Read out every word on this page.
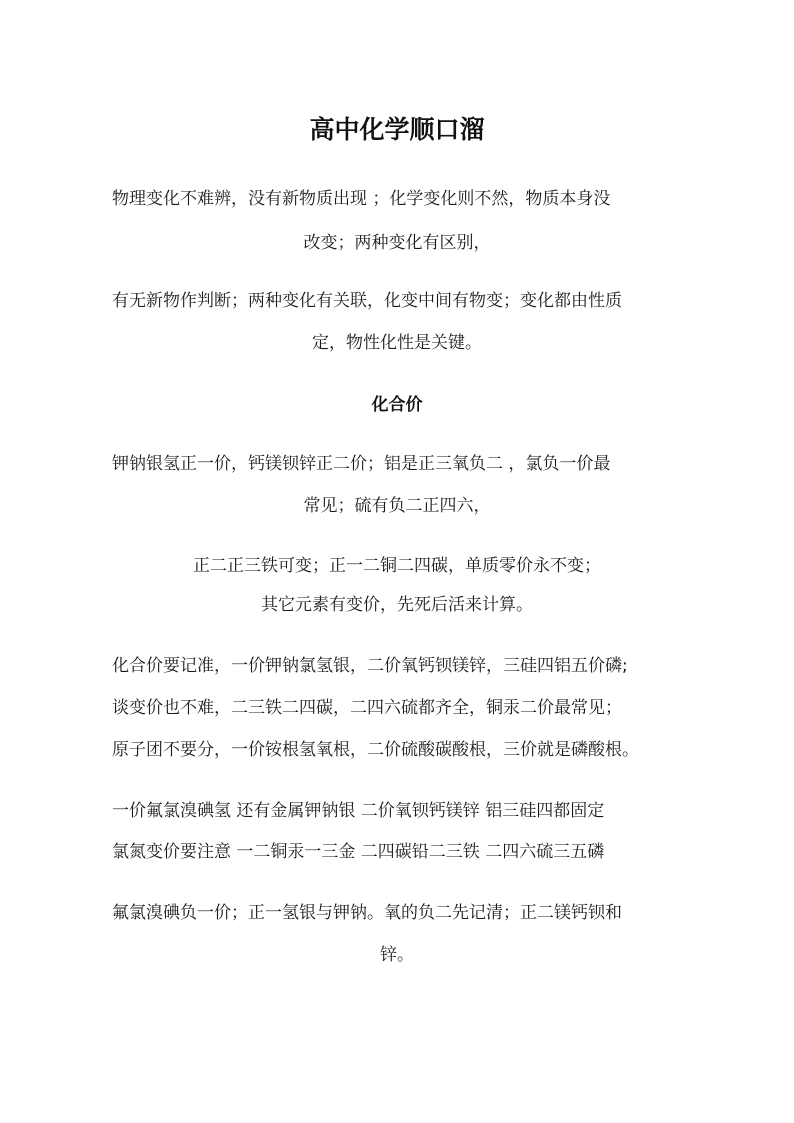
高中化学顺口溜
物理变化不难辨，没有新物质出现 ；化学变化则不然，物质本身没
改变；两种变化有区别，
有无新物作判断；两种变化有关联，化变中间有物变；变化都由性质
定，物性化性是关键。
化合价
钾钠银氢正一价，钙镁钡锌正二价；铝是正三氧负二 ，氯负一价最
常见；硫有负二正四六，
正二正三铁可变；正一二铜二四碳，单质零价永不变；
其它元素有变价，先死后活来计算。
化合价要记准，一价钾钠氯氢银，二价氧钙钡镁锌，三硅四铝五价磷;
谈变价也不难，二三铁二四碳，二四六硫都齐全，铜汞二价最常见；
原子团不要分，一价铵根氢氧根，二价硫酸碳酸根，三价就是磷酸根。
一价氟氯溴碘氢 还有金属钾钠银 二价氧钡钙镁锌 铝三硅四都固定
氯氮变价要注意 一二铜汞一三金 二四碳铅二三铁 二四六硫三五磷
氟氯溴碘负一价；正一氢银与钾钠。氧的负二先记清；正二镁钙钡和
锌。
